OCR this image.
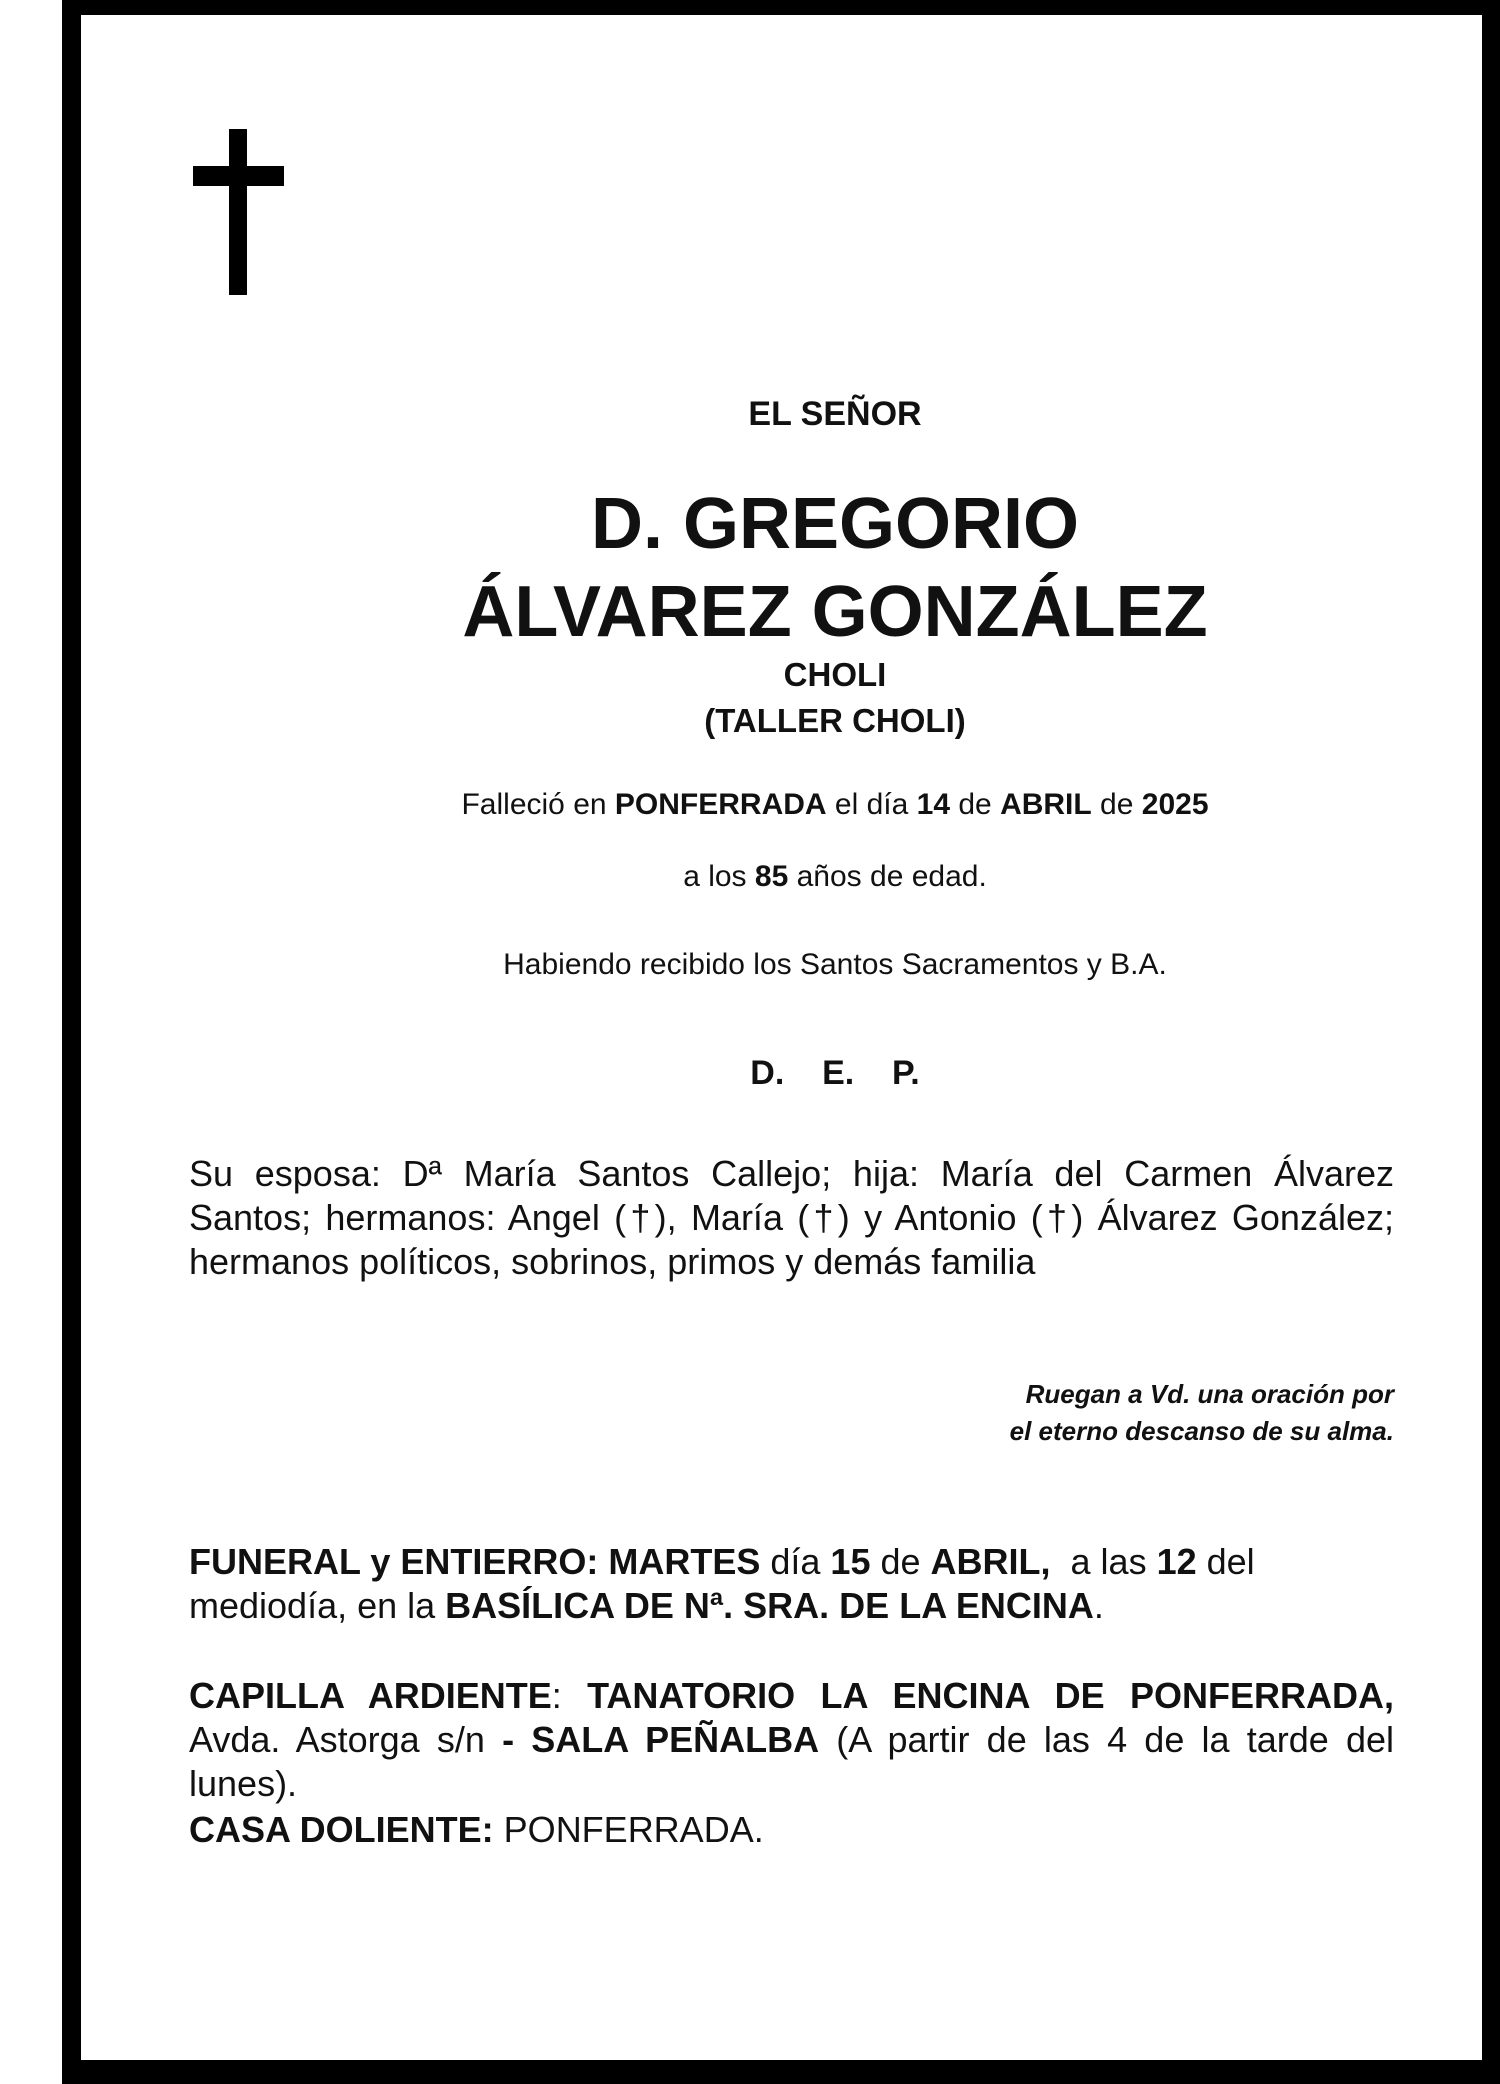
EL SEÑOR
D. GREGORIO
ÁLVAREZ GONZÁLEZ
CHOLI
(TALLER CHOLI)
Falleció en PONFERRADA el día 14 de ABRIL de 2025
a los 85 años de edad.
Habiendo recibido los Santos Sacramentos y B.A.
D.    E.    P.
Su esposa: Dª María Santos Callejo; hija: María del Carmen Álvarez Santos; hermanos: Angel (†), María (†) y Antonio (†) Álvarez González; hermanos políticos, sobrinos, primos y demás familia
Ruegan a Vd. una oración por
el eterno descanso de su alma.
FUNERAL y ENTIERRO: MARTES día 15 de ABRIL,  a las 12 del mediodía, en la BASÍLICA DE Nª. SRA. DE LA ENCINA.
CAPILLA ARDIENTE: TANATORIO LA ENCINA DE PONFERRADA, Avda. Astorga s/n - SALA PEÑALBA (A partir de las 4 de la tarde del lunes).
CASA DOLIENTE: PONFERRADA.
